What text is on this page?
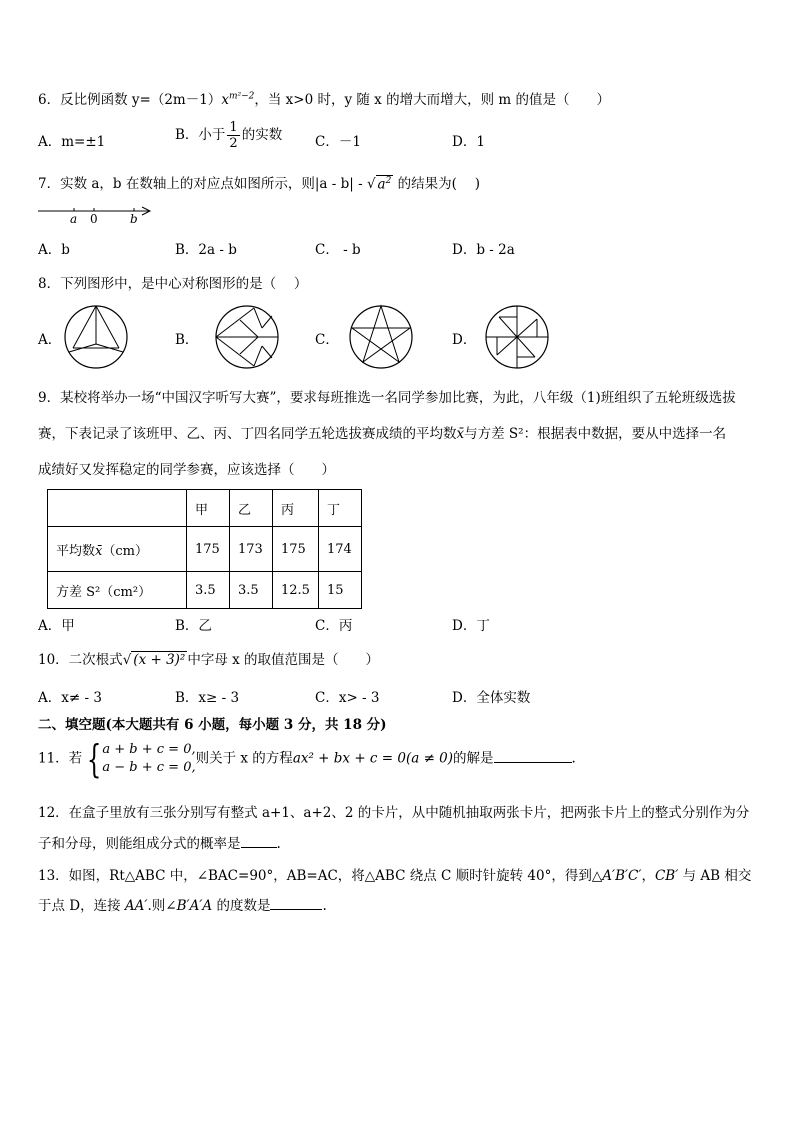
6．反比例函数 $y=(2m-1)x^{m^2-2}$，当 x>0 时，y 随 x 的增大而增大，则 m 的值是（　　）
A．m=±1	B．小于 $\frac{1}{2}$ 的实数 C．－1	D．1
7．实数 a，b 在数轴上的对应点如图所示，则|a - b| - √ $a^2$ 的结果为(　 )
a 0	b
A．b	B．2a - b	C． - b	D．b - 2a
8．下列图形中，是中心对称图形的是（　 ）
A．	B．	C．	D．
9．某校将举办一场“中国汉字听写大赛”，要求每班推选一名同学参加比赛，为此，八年级（1)班组织了五轮班级选拔
赛，下表记录了该班甲、乙、丙、丁四名同学五轮选拔赛成绩的平均数x̄与方差 S²：根据表中数据，要从中选择一名
成绩好又发挥稳定的同学参赛，应该选择（　　）
	甲	乙	丙	丁
平均数x̄（cm）	175	173	175	174
方差 S²（cm²）	3.5	3.5	12.5	15
A．甲	B．乙	C．丙	D．丁
10．二次根式√ (x + 3)² 中字母 x 的取值范围是（　　）
A．x≠ - 3	B．x≥ - 3	C．x> - 3	D．全体实数
二、填空题(本大题共有 6 小题，每小题 3 分，共 18 分)
11．若 { a + b + c = 0,
a − b + c = 0,
则关于 x 的方程ax² + bx + c = 0(a ≠ 0)的解是	.
12．在盒子里放有三张分别写有整式 a+1、a+2、2 的卡片，从中随机抽取两张卡片，把两张卡片上的整式分别作为分
子和分母，则能组成分式的概率是	.
13．如图，Rt△ABC 中，∠BAC=90°，AB=AC，将△ABC 绕点 C 顺时针旋转 40°，得到△A′B′C′，CB′ 与 AB 相交
于点 D，连接 AA′.则∠B′A′A 的度数是	.
